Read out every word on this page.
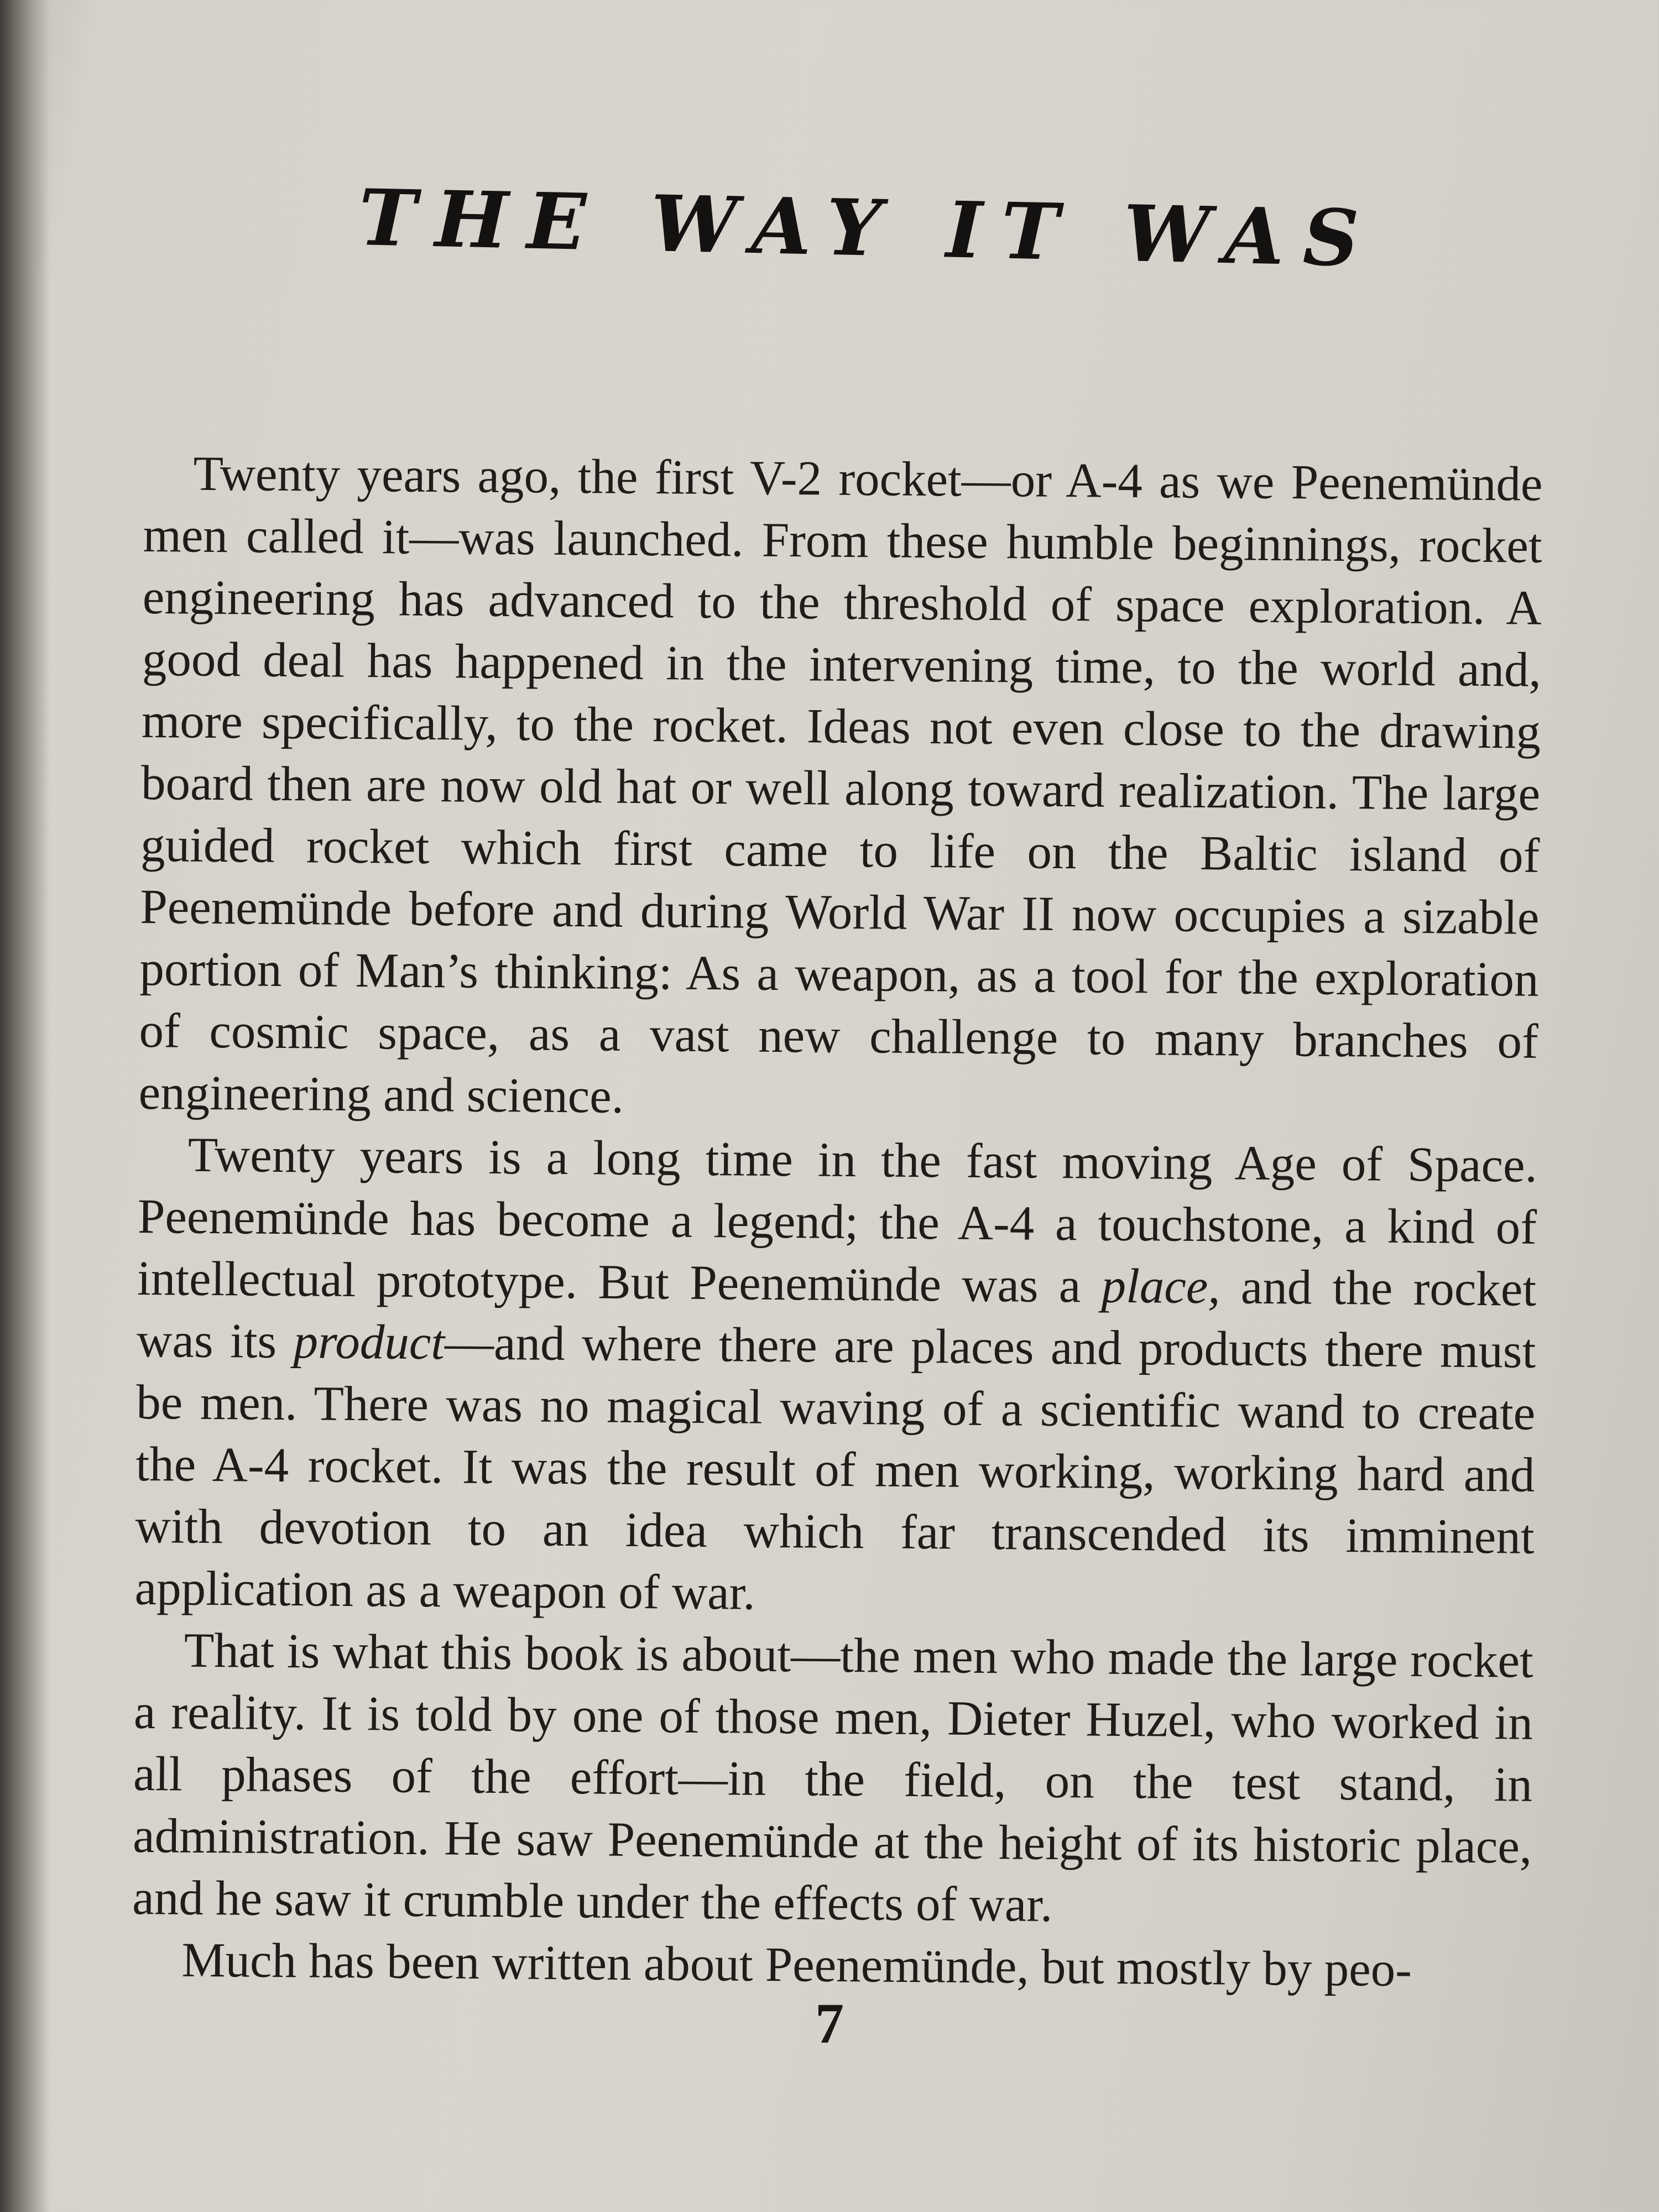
THE WAY IT WAS

Twenty years ago, the first V-2 rocket—or A-4 as we Peenemünde men called it—was launched. From these humble beginnings, rocket engineering has advanced to the threshold of space exploration. A good deal has happened in the intervening time, to the world and, more specifically, to the rocket. Ideas not even close to the drawing board then are now old hat or well along toward realization. The large guided rocket which first came to life on the Baltic island of Peenemünde before and during World War II now occupies a sizable portion of Man’s thinking: As a weapon, as a tool for the exploration of cosmic space, as a vast new challenge to many branches of engineering and science.

Twenty years is a long time in the fast moving Age of Space. Peenemünde has become a legend; the A-4 a touchstone, a kind of intellectual prototype. But Peenemünde was a place, and the rocket was its product—and where there are places and products there must be men. There was no magical waving of a scientific wand to create the A-4 rocket. It was the result of men working, working hard and with devotion to an idea which far transcended its imminent application as a weapon of war.

That is what this book is about—the men who made the large rocket a reality. It is told by one of those men, Dieter Huzel, who worked in all phases of the effort—in the field, on the test stand, in administration. He saw Peenemünde at the height of its historic place, and he saw it crumble under the effects of war.

Much has been written about Peenemünde, but mostly by peo-

7
